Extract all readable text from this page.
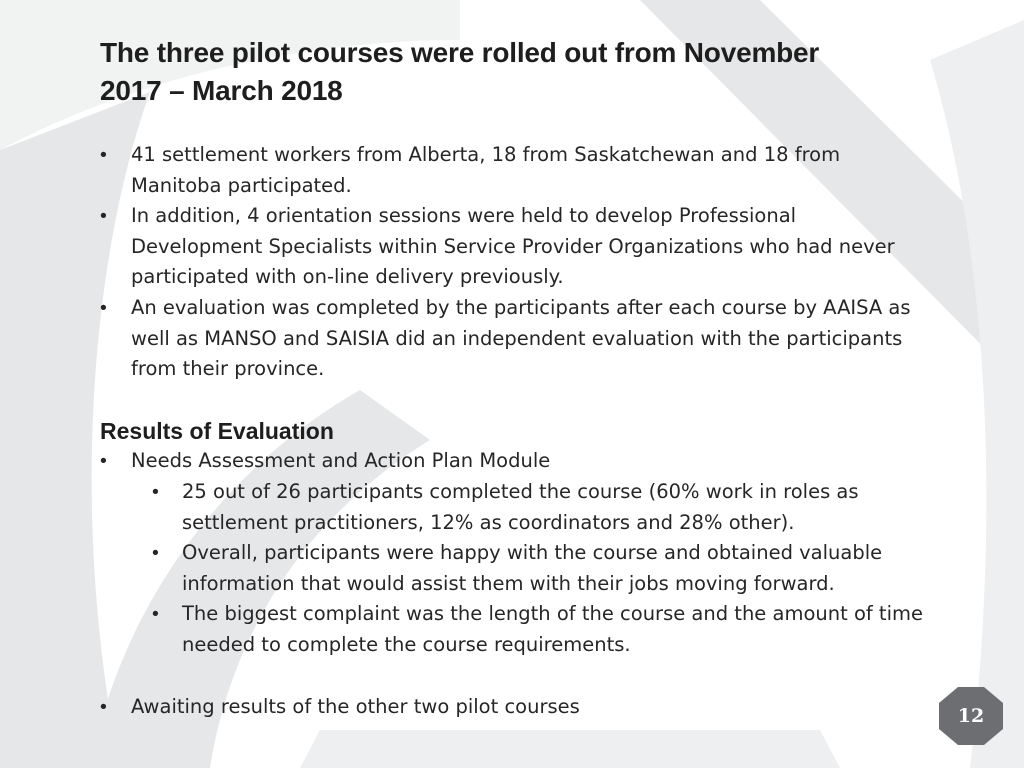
The three pilot courses were rolled out from November 2017 – March 2018
• 41 settlement workers from Alberta, 18 from Saskatchewan and 18 from Manitoba participated.
• In addition, 4 orientation sessions were held to develop Professional Development Specialists within Service Provider Organizations who had never participated with on-line delivery previously.
• An evaluation was completed by the participants after each course by AAISA as well as MANSO and SAISIA did an independent evaluation with the participants from their province.
Results of Evaluation
• Needs Assessment and Action Plan Module
• 25 out of 26 participants completed the course (60% work in roles as settlement practitioners, 12% as coordinators and 28% other).
• Overall, participants were happy with the course and obtained valuable information that would assist them with their jobs moving forward.
• The biggest complaint was the length of the course and the amount of time needed to complete the course requirements.
• Awaiting results of the other two pilot courses	12
